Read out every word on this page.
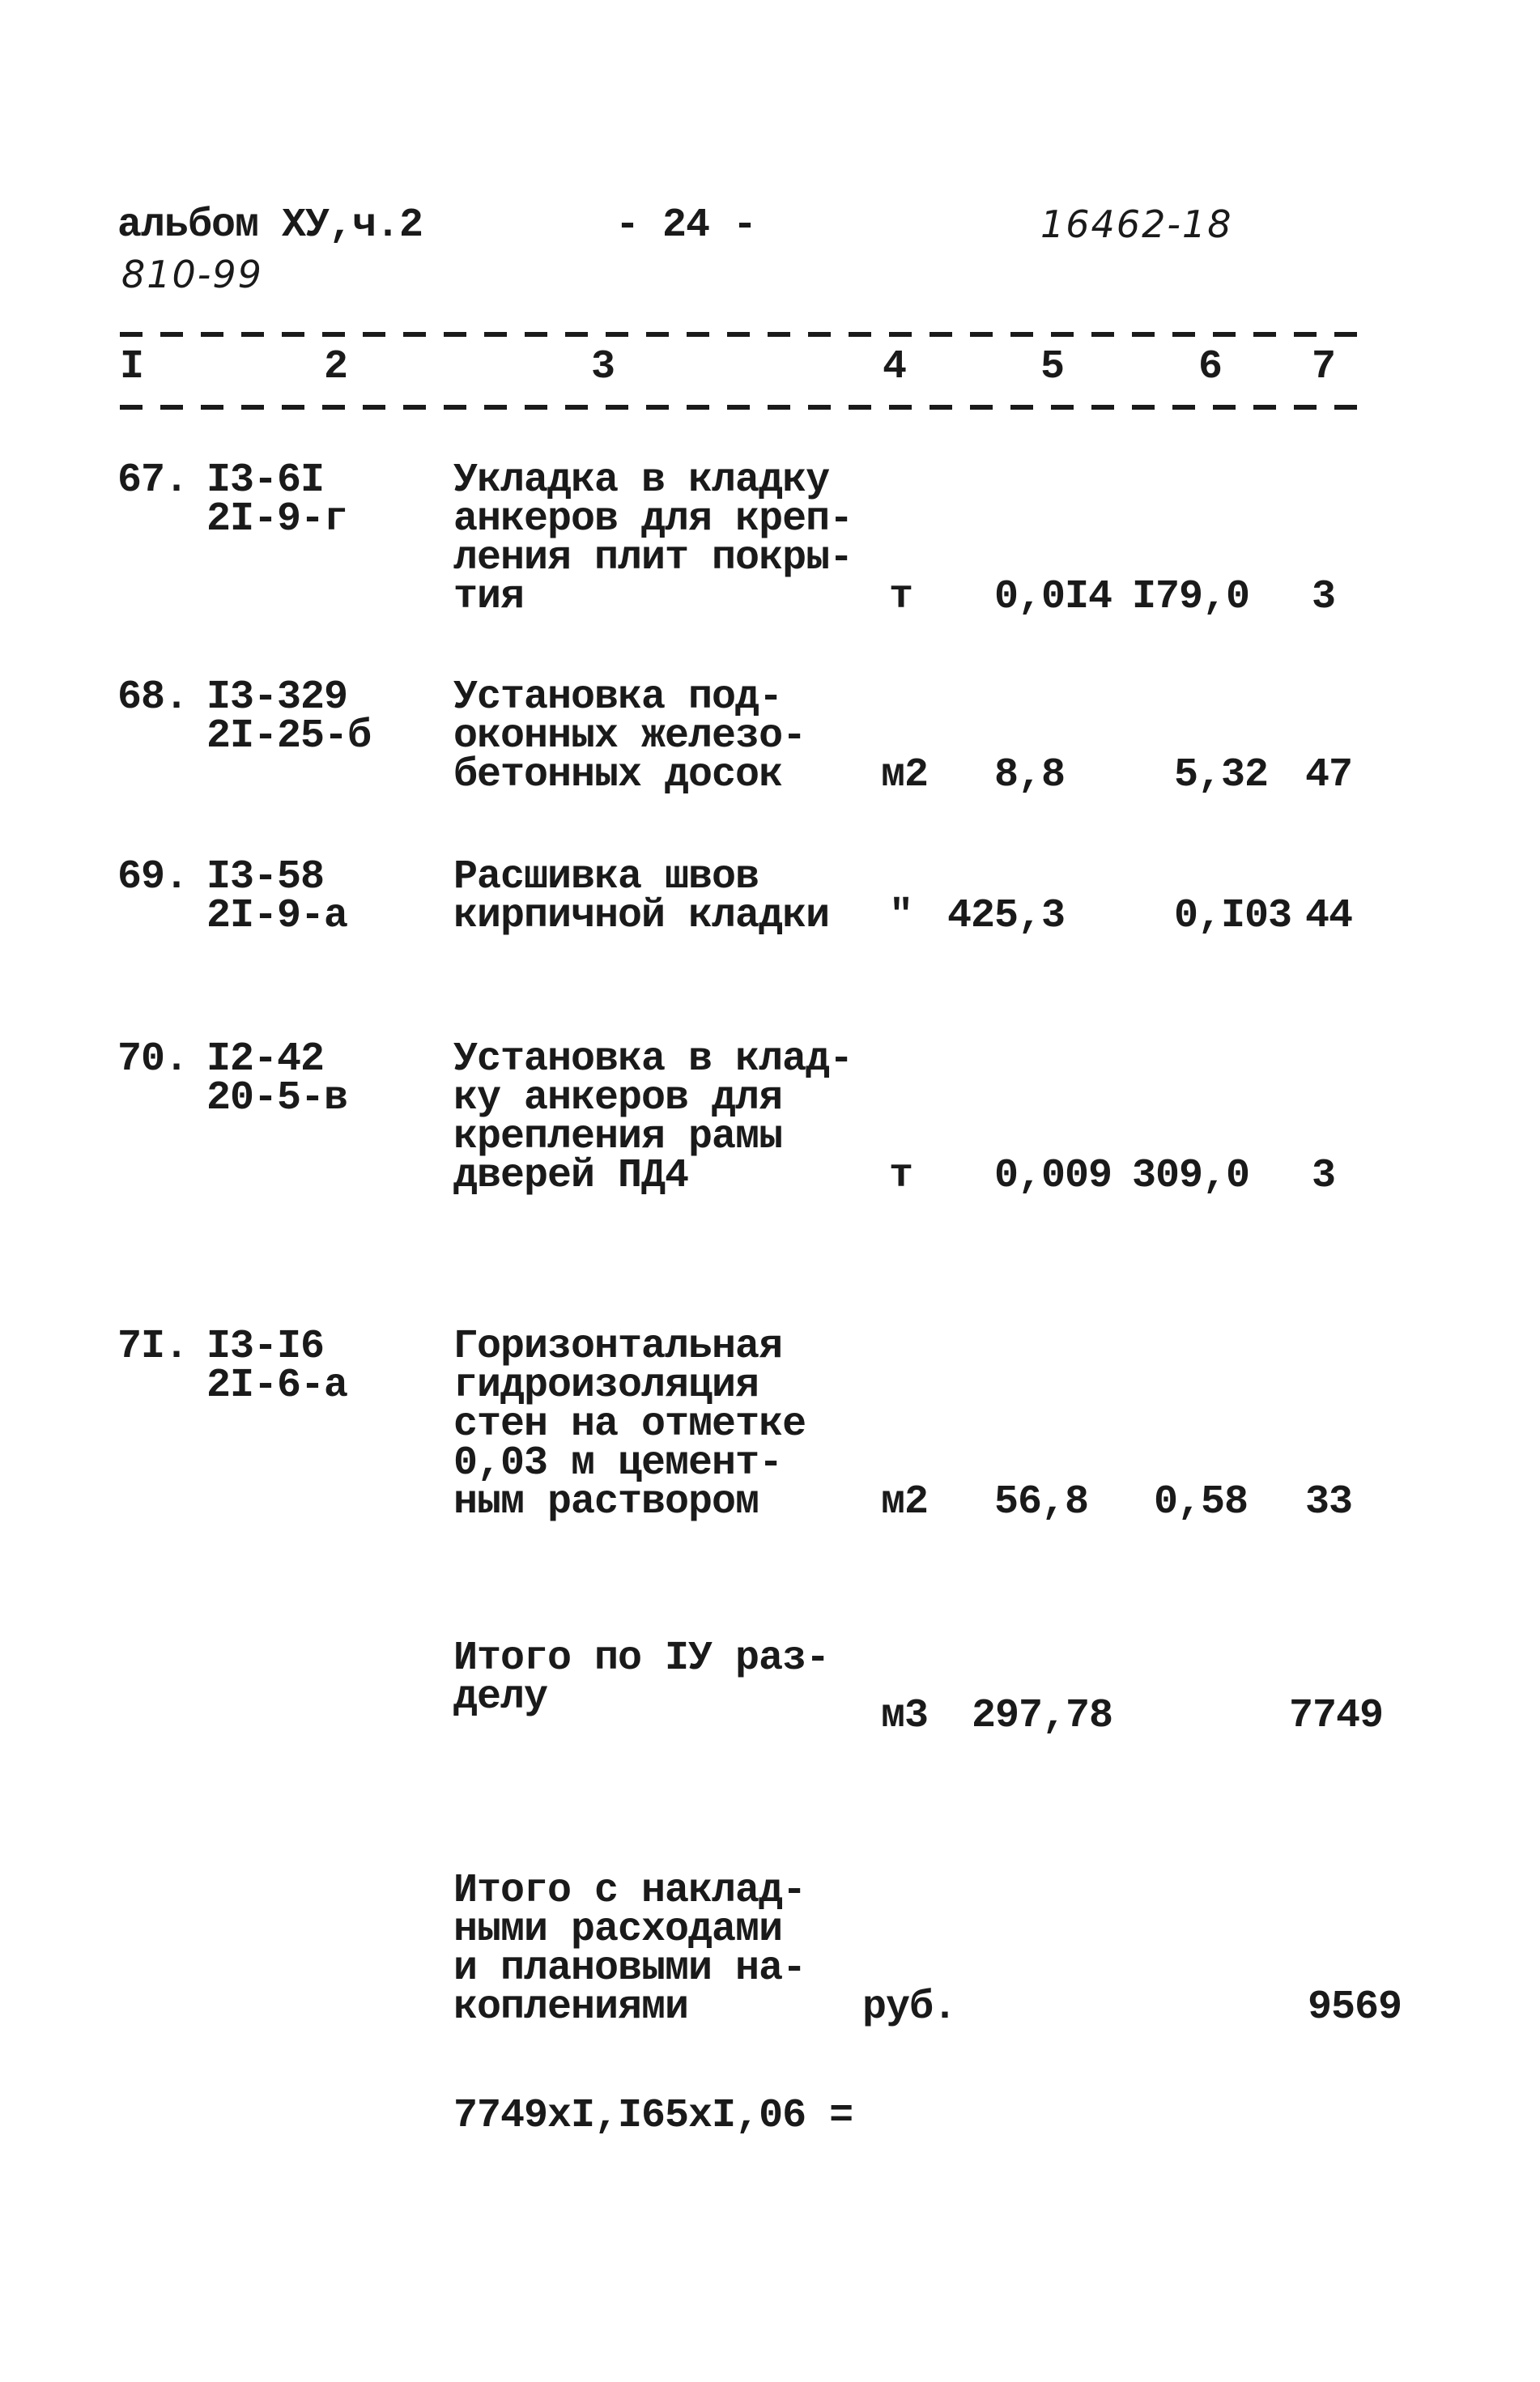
альбом ХУ,ч.2	- 24 -	16462-18
810-99
I	2	3	4	5	6 7
67. I3-6I
2I-9-г
Укладка в кладку
анкеров для креп-
ления плит покры-
тия	т 0,0I4 I79,0 3
68. I3-329
2I-25-б
Установка под-
оконных железо-
бетонных досок м2 8,8	5,32 47
69. I3-58
2I-9-а
Расшивка швов
кирпичной кладки " 425,3	0,I03 44
70. I2-42
20-5-в
Установка в клад-
ку анкеров для
крепления рамы
дверей ПД4	т 0,009 309,0 3
7I. I3-I6
2I-6-а
Горизонтальная
гидроизоляция
стен на отметке
0,03 м цемент-
ным раствором	м2 56,8 0,58 33
Итого по IУ раз-
делу	м3 297,78	7749
Итого с наклад-
ными расходами
и плановыми на-
коплениями	руб.	9569
7749хI,I65хI,06 =
